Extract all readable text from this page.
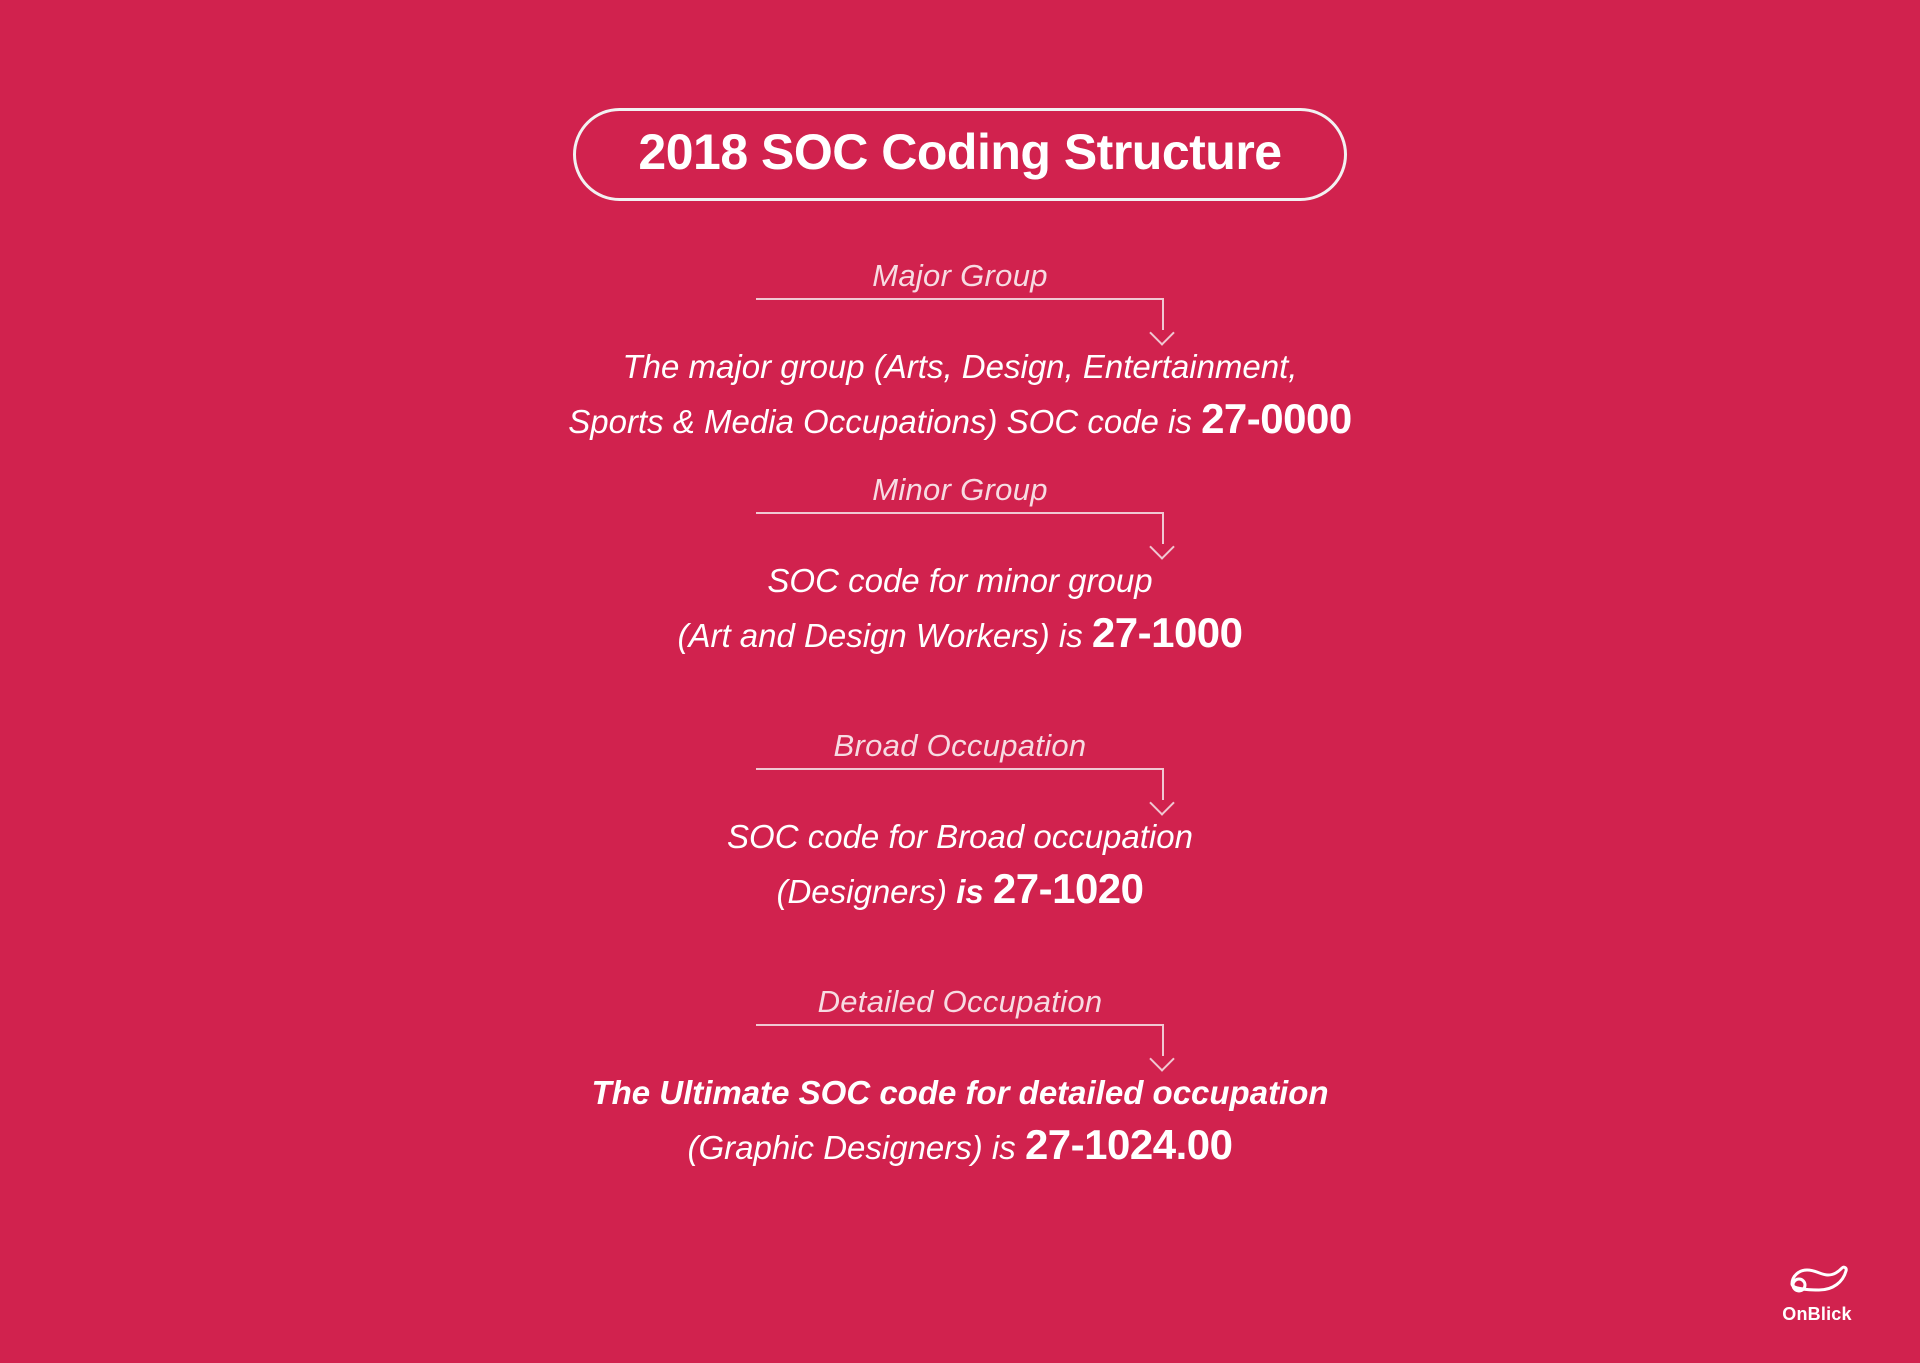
2018 SOC Coding Structure
Major Group
The major group (Arts, Design, Entertainment,
Sports & Media Occupations) SOC code is 27-0000
Minor Group
SOC code for minor group
(Art and Design Workers) is 27-1000
Broad Occupation
SOC code for Broad occupation
(Designers) is 27-1020
Detailed Occupation
The Ultimate SOC code for detailed occupation
(Graphic Designers) is 27-1024.00
OnBlick
